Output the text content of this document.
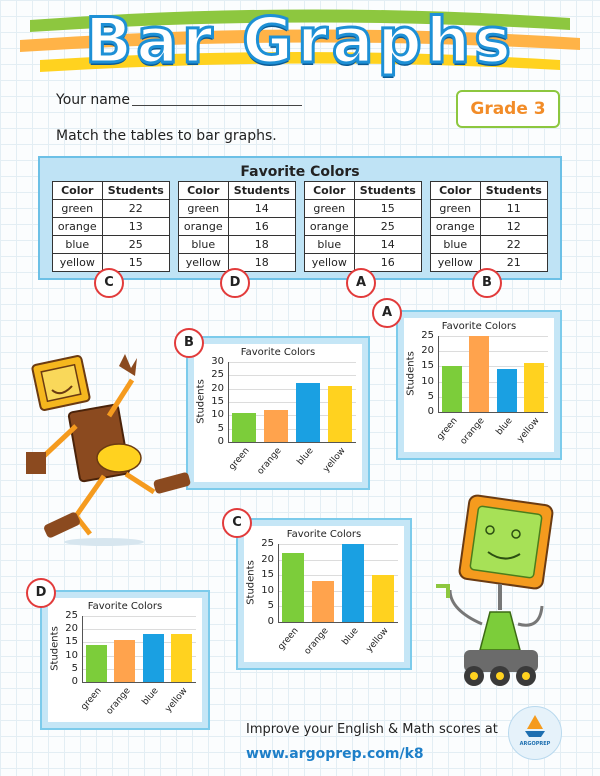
Bar Graphs
Your name	Grade 3
Match the tables to bar graphs.
Favorite Colors
Color	Students
green	22
orange	13
blue	25
yellow	15
C
Color	Students
green	14
orange	16
blue	18
yellow	18
D
Color	Students
green	15
orange	25
blue	14
yellow	16
A
Color	Students
green	11
orange	12
blue	22
yellow	21
B
Favorite Colors
Students
0
5
10
15
20
25
green orange blue yellow
A
Favorite Colors
Students
0
5
10
15
20
25
30
green orange	blue yellow
B
Favorite Colors
Students
0
5
10
15
20
25
green orange	blue yellow
C
Favorite Colors
Students
0
5
10
15
20
25
green orange blue yellow
D
Improve your English & Math scores at
www.argoprep.com/k8
ARGOPREP
